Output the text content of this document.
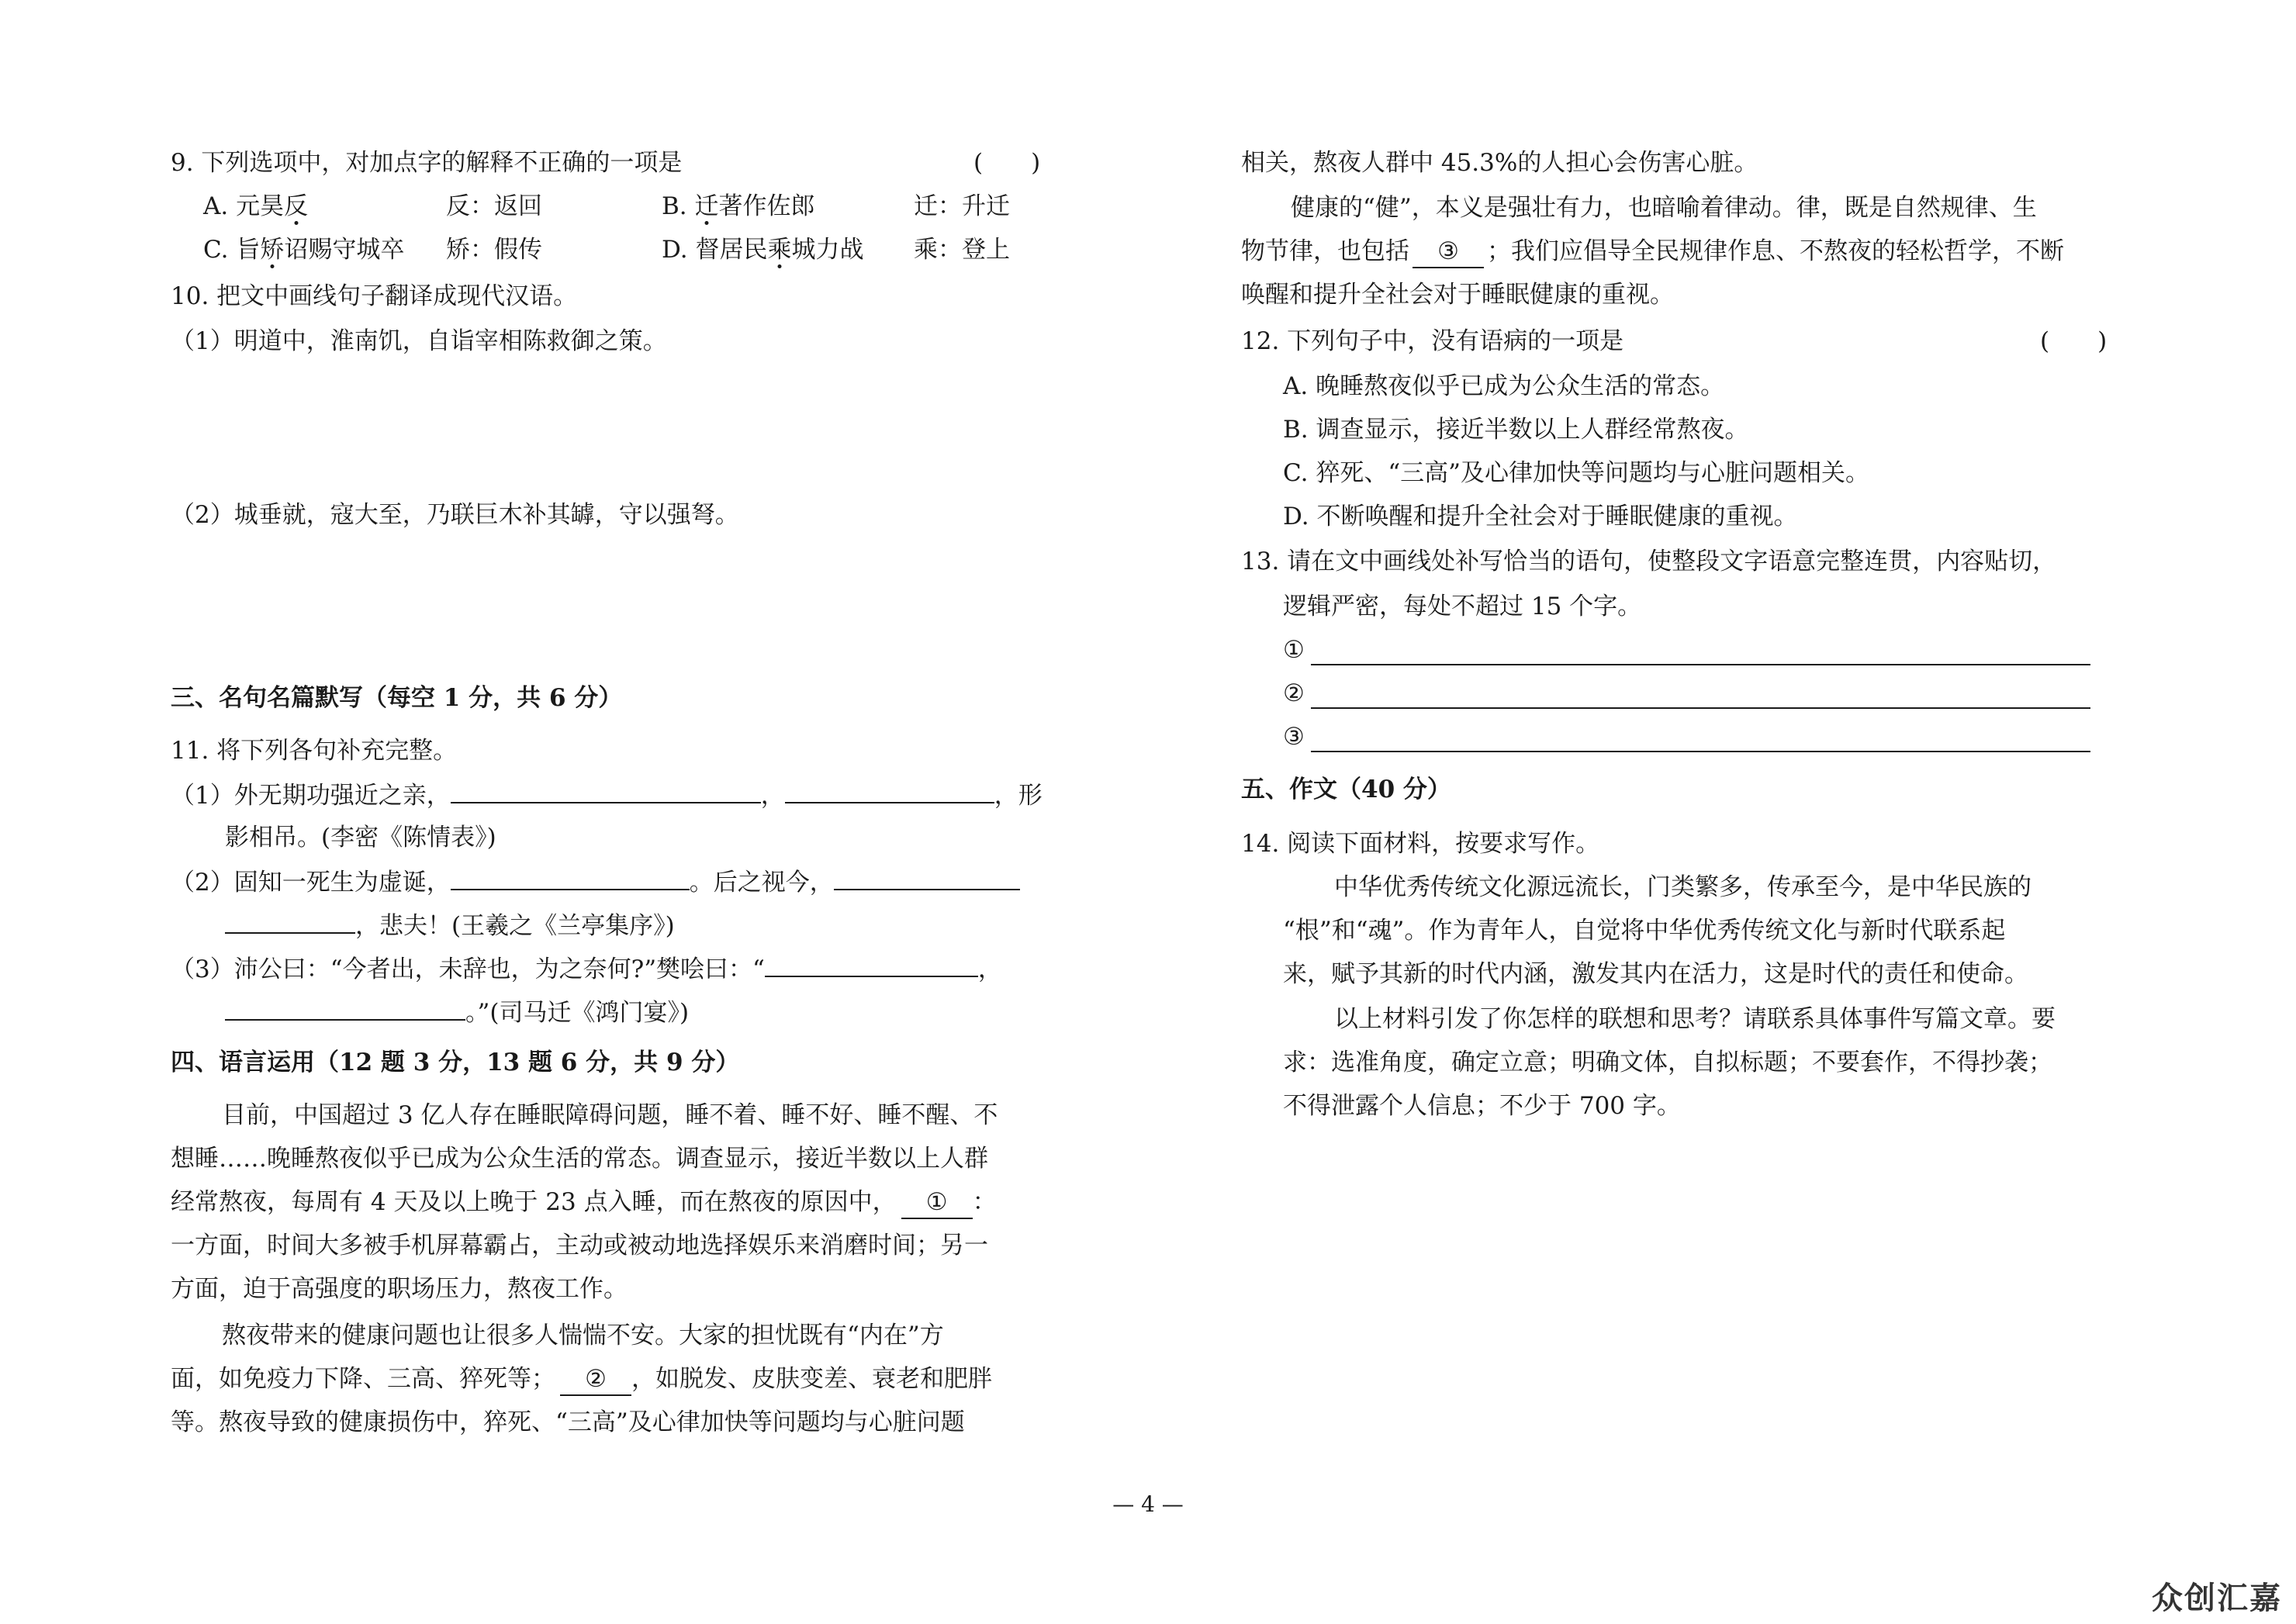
9. 下列选项中，对加点字的解释不正确的一项是	(　　)
A. 元昊反	反：返回	B. 迁著作佐郎	迁：升迁
C. 旨矫诏赐守城卒 矫：假传	D. 督居民乘城力战 乘：登上
10. 把文中画线句子翻译成现代汉语。
（1）明道中，淮南饥，自诣宰相陈救御之策。
（2）城垂就，寇大至，乃联巨木补其罅，守以强弩。
三、名句名篇默写（每空 1 分，共 6 分）
11. 将下列各句补充完整。
（1）外无期功强近之亲，	，	，形
影相吊。(李密《陈情表》)
（2）固知一死生为虚诞，	。后之视今，
，悲夫！(王羲之《兰亭集序》)
（3）沛公曰：“今者出，未辞也，为之奈何?”樊哙曰：“	，
。”(司马迁《鸿门宴》)
四、语言运用（12 题 3 分，13 题 6 分，共 9 分）
目前，中国超过 3 亿人存在睡眠障碍问题，睡不着、睡不好、睡不醒、不
想睡……晚睡熬夜似乎已成为公众生活的常态。调查显示，接近半数以上人群
经常熬夜，每周有 4 天及以上晚于 23 点入睡，而在熬夜的原因中， ① ：
一方面，时间大多被手机屏幕霸占，主动或被动地选择娱乐来消磨时间；另一
方面，迫于高强度的职场压力，熬夜工作。
熬夜带来的健康问题也让很多人惴惴不安。大家的担忧既有“内在”方
面，如免疫力下降、三高、猝死等； ② ，如脱发、皮肤变差、衰老和肥胖
等。熬夜导致的健康损伤中，猝死、“三高”及心律加快等问题均与心脏问题
相关，熬夜人群中 45.3%的人担心会伤害心脏。
健康的“健”，本义是强壮有力，也暗喻着律动。律，既是自然规律、生
物节律，也包括 ③ ；我们应倡导全民规律作息、不熬夜的轻松哲学，不断
唤醒和提升全社会对于睡眠健康的重视。
12. 下列句子中，没有语病的一项是	(　　)
A. 晚睡熬夜似乎已成为公众生活的常态。
B. 调查显示，接近半数以上人群经常熬夜。
C. 猝死、“三高”及心律加快等问题均与心脏问题相关。
D. 不断唤醒和提升全社会对于睡眠健康的重视。
13. 请在文中画线处补写恰当的语句，使整段文字语意完整连贯，内容贴切，
逻辑严密，每处不超过 15 个字。
①
②
③
五、作文（40 分）
14. 阅读下面材料，按要求写作。
中华优秀传统文化源远流长，门类繁多，传承至今，是中华民族的
“根”和“魂”。作为青年人，自觉将中华优秀传统文化与新时代联系起
来，赋予其新的时代内涵，激发其内在活力，这是时代的责任和使命。
以上材料引发了你怎样的联想和思考？请联系具体事件写篇文章。要
求：选准角度，确定立意；明确文体，自拟标题；不要套作，不得抄袭；
不得泄露个人信息；不少于 700 字。
— 4 —
众创汇嘉
